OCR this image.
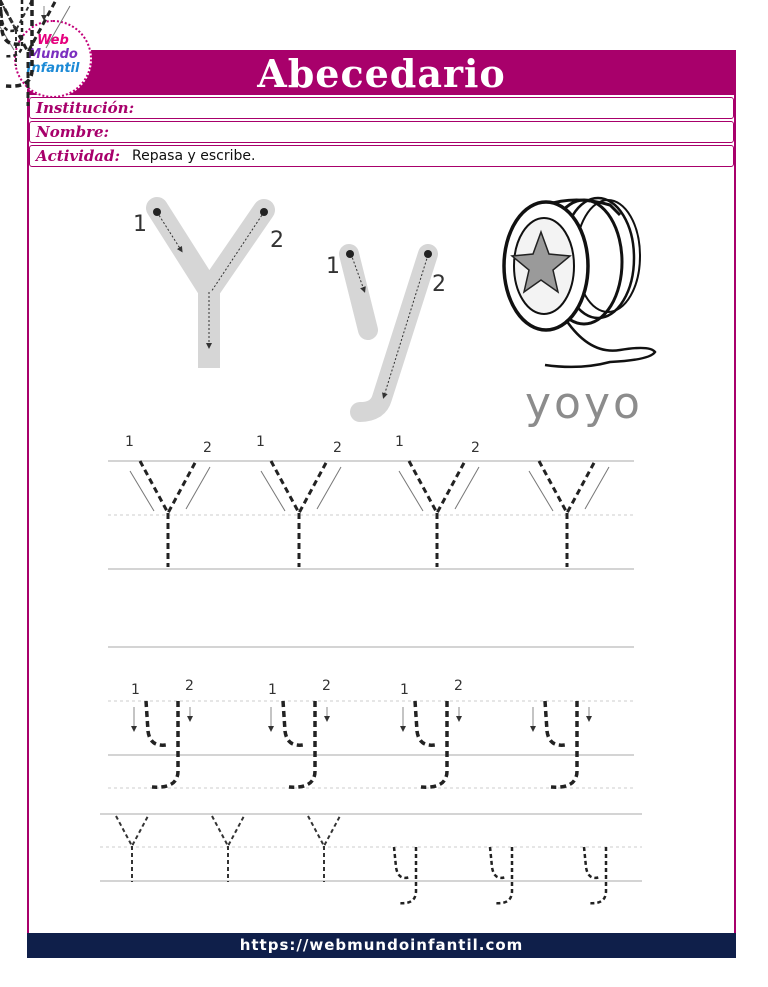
Abecedario
Web
Mundo
Infantil
Institución:
Nombre:
Actividad: Repasa y escribe.
1
2
1
2
1	2	1	2	1	2
1	2	1	2	1	2
yoyo
https://webmundoinfantil.com
